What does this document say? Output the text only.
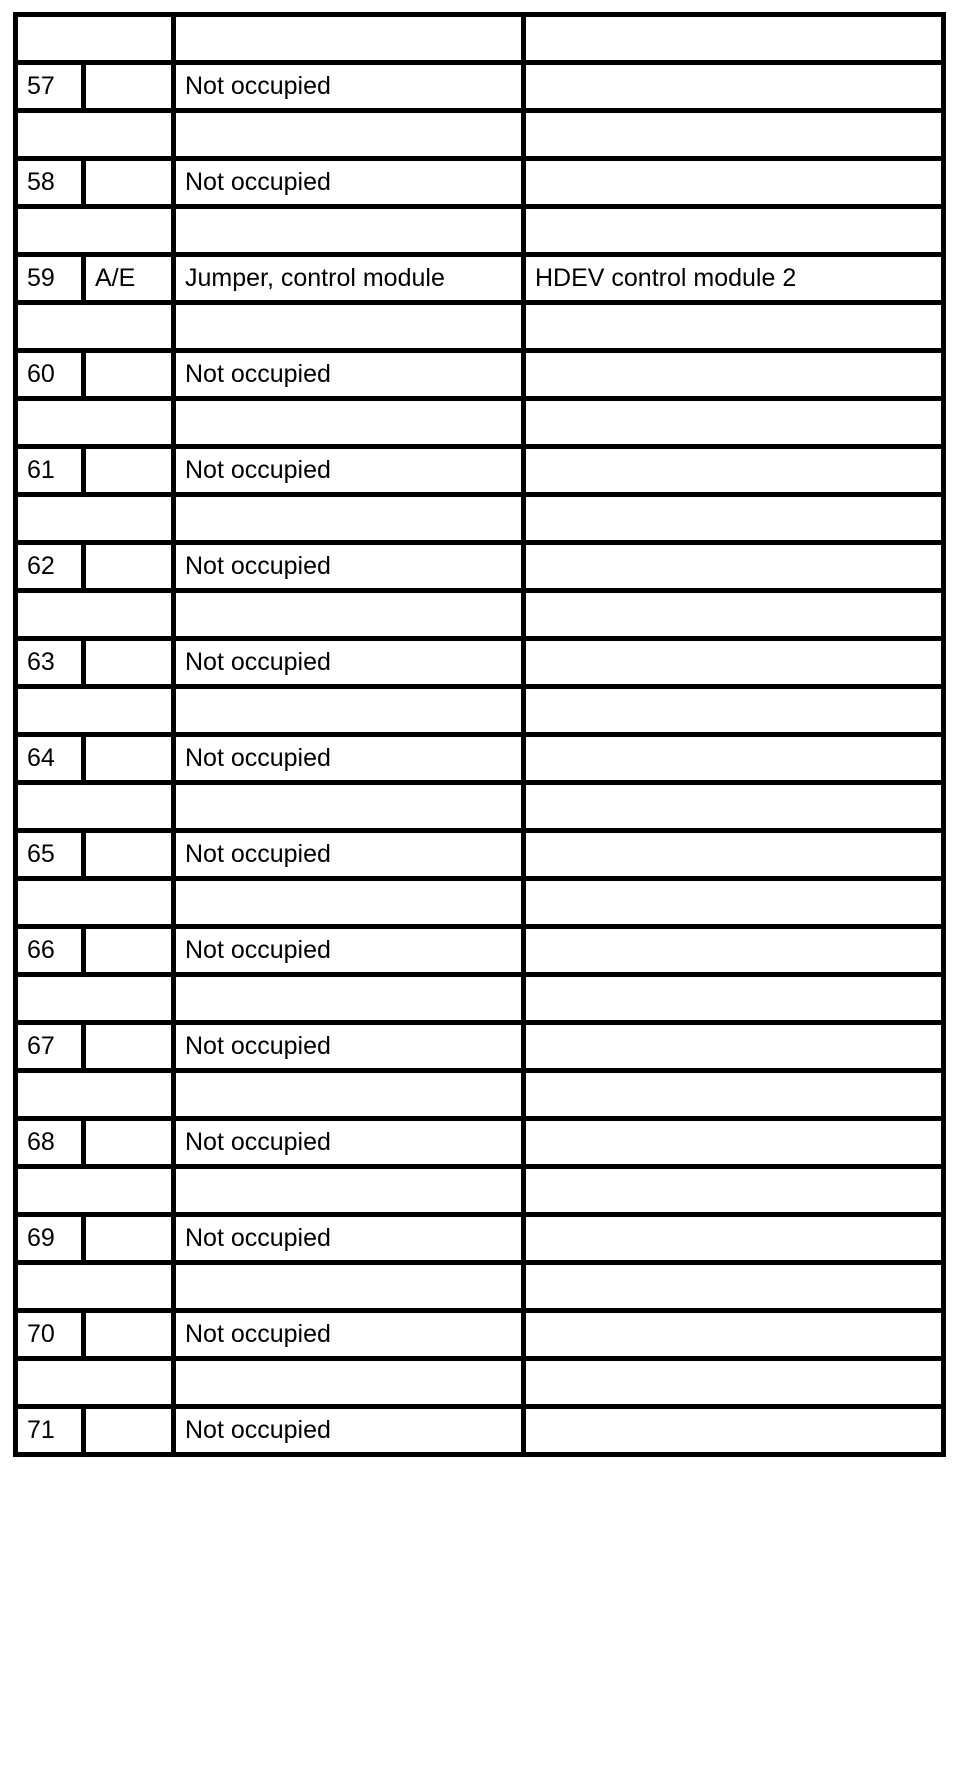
57		Not occupied	

58		Not occupied	

59	A/E	Jumper, control module	HDEV control module 2

60		Not occupied	

61		Not occupied	

62		Not occupied	

63		Not occupied	

64		Not occupied	

65		Not occupied	

66		Not occupied	

67		Not occupied	

68		Not occupied	

69		Not occupied	

70		Not occupied	

71		Not occupied	
